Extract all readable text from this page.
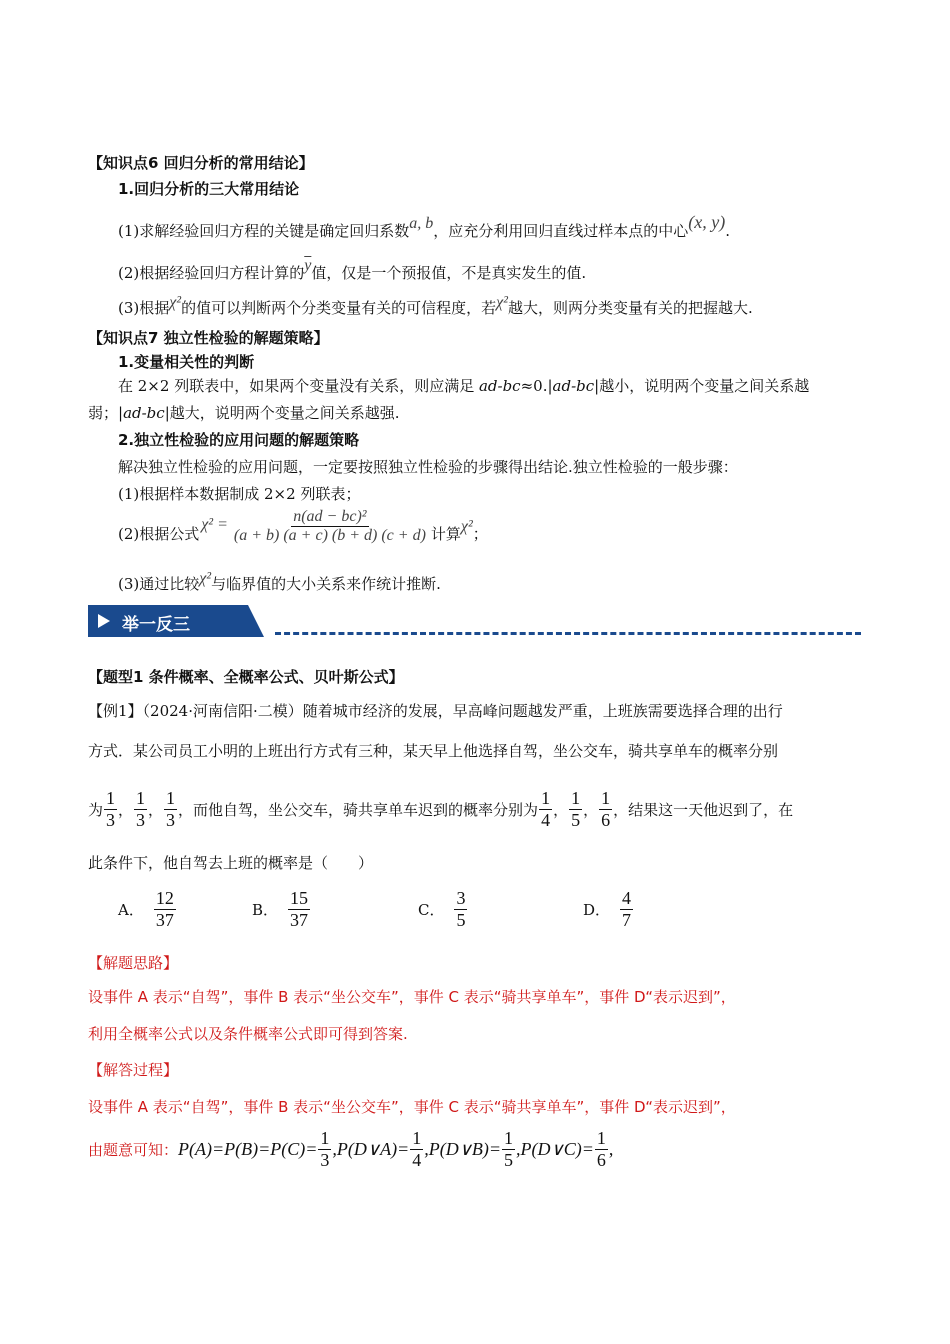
【知识点6 回归分析的常用结论】
1.回归分析的三大常用结论
(1)求解经验回归方程的关键是确定回归系数a, b，应充分利用回归直线过样本点的中心(x, y).
(2)根据经验回归方程计算的$\overline{y}$值，仅是一个预报值，不是真实发生的值.
(3)根据χ²的值可以判断两个分类变量有关的可信程度，若χ²越大，则两分类变量有关的把握越大.
【知识点7 独立性检验的解题策略】
1.变量相关性的判断
在 2×2 列联表中，如果两个变量没有关系，则应满足 ad-bc≈0.|ad-bc|越小，说明两个变量之间关系越
弱；|ad-bc|越大，说明两个变量之间关系越强.
2.独立性检验的应用问题的解题策略
解决独立性检验的应用问题，一定要按照独立性检验的步骤得出结论.独立性检验的一般步骤：
(1)根据样本数据制成 2×2 列联表；
(2)根据公式
$\chi^2 = \frac{\text{n(ad − bc)²}}{(a + b) (a + c) (b + d) (c + d)}$ 计算 χ² ；
(3)通过比较χ²与临界值的大小关系来作统计推断.
举一反三
【题型1 条件概率、全概率公式、贝叶斯公式】
【例1】（2024·河南信阳·二模）随着城市经济的发展，早高峰问题越发严重，上班族需要选择合理的出行
方式．某公司员工小明的上班出行方式有三种，某天早上他选择自驾，坐公交车，骑共享单车的概率分别
为 $\frac{1}{3}$ ， $\frac{1}{3}$ ， $\frac{1}{3}$ ，而他自驾，坐公交车，骑共享单车迟到的概率分别为 $\frac{1}{4}$ ， $\frac{1}{5}$ ， $\frac{1}{6}$ ，结果这一天他迟到了，在
此条件下，他自驾去上班的概率是（　　）
A． $\frac{12}{37}$	B． $\frac{15}{37}$	C． $\frac{3}{5}$	D． $\frac{4}{7}$
【解题思路】
设事件 A 表示“自驾”，事件 B 表示“坐公交车”，事件 C 表示“骑共享单车”，事件 D“表示迟到”，
利用全概率公式以及条件概率公式即可得到答案.
【解答过程】
设事件 A 表示“自驾”，事件 B 表示“坐公交车”，事件 C 表示“骑共享单车”，事件 D“表示迟到”，
由题意可知： $P(A)=P(B)=P(C)= \frac{1}{3}$ ,P(D∨A)= $\frac{1}{4}$ ,P(D∨B)= $\frac{1}{5}$ ,P(D∨C)= $\frac{1}{6}$ ,
